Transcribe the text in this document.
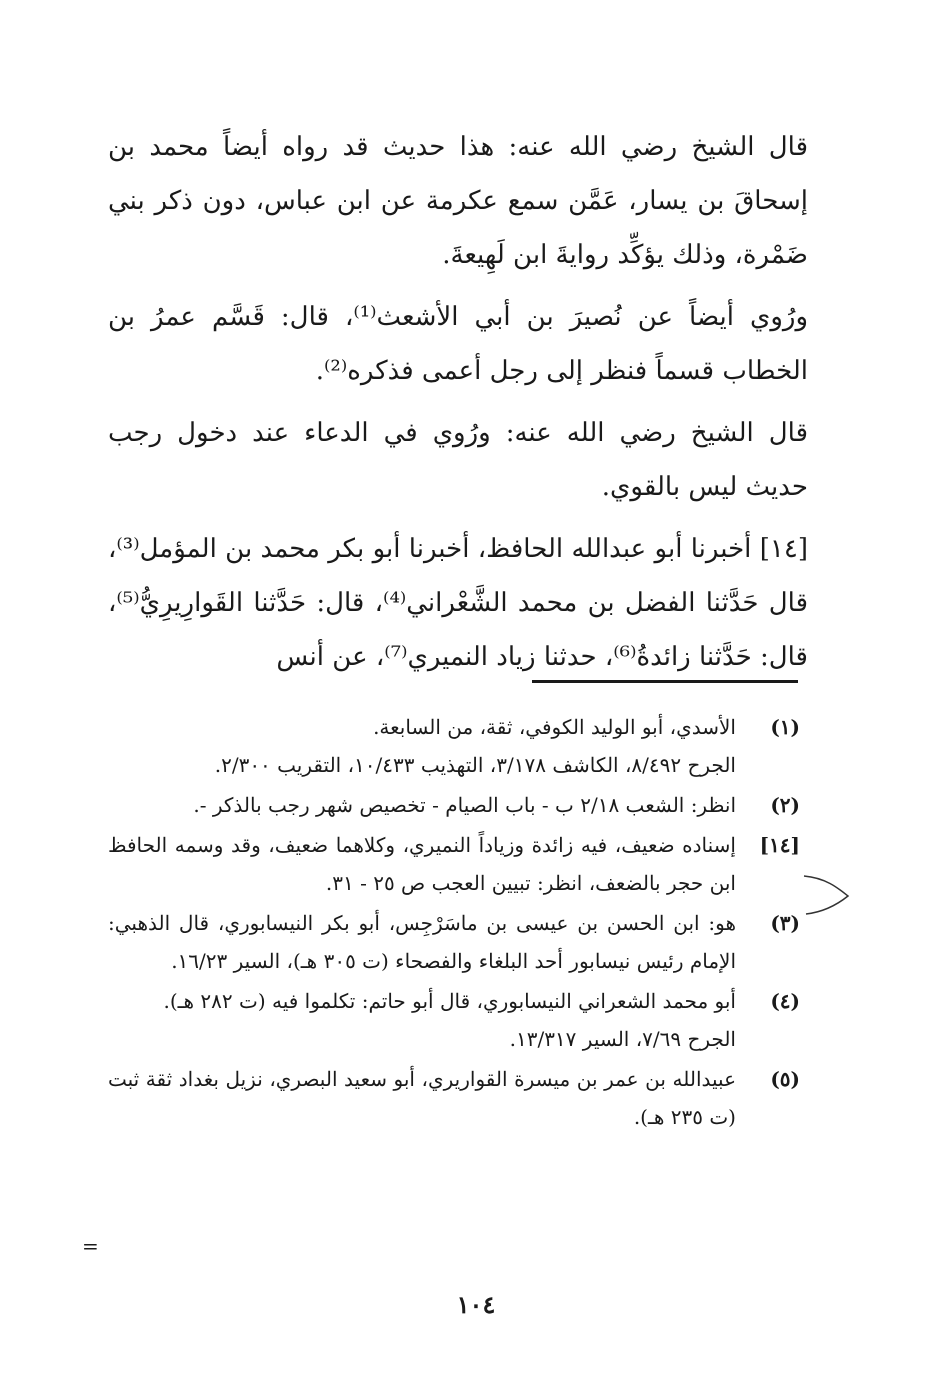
قال الشيخ رضي الله عنه: هذا حديث قد رواه أيضاً محمد بن إسحاقَ بن يسار، عَمَّن سمع عكرمة عن ابن عباس، دون ذكر بني ضَمْرة، وذلك يؤكِّد روايةَ ابن لَهِيعةَ.

ورُوي أيضاً عن نُصيرَ بن أبي الأشعث⁽¹⁾، قال: قَسَّم عمرُ بن الخطاب قسماً فنظر إلى رجل أعمى فذكره⁽²⁾.

قال الشيخ رضي الله عنه: ورُوي في الدعاء عند دخول رجب حديث ليس بالقوي.

[١٤] أخبرنا أبو عبدالله الحافظ، أخبرنا أبو بكر محمد بن المؤمل⁽³⁾، قال حَدَّثنا الفضل بن محمد الشَّعْراني⁽⁴⁾، قال: حَدَّثنا القَوارِيرِيُّ⁽⁵⁾، قال: حَدَّثنا زائدةُ⁽⁶⁾، حدثنا زياد النميري⁽⁷⁾، عن أنس

(١)

الأسدي، أبو الوليد الكوفي، ثقة، من السابعة.

الجرح ٨/٤٩٢، الكاشف ٣/١٧٨، التهذيب ١٠/٤٣٣، التقريب ٢/٣٠٠.

(٢)

انظر: الشعب ٢/١٨ ب - باب الصيام - تخصيص شهر رجب بالذكر -.

[١٤]

إسناده ضعيف، فيه زائدة وزياداً النميري، وكلاهما ضعيف، وقد وسمه الحافظ ابن حجر بالضعف، انظر: تبيين العجب ص ٢٥ - ٣١.

(٣)

هو: ابن الحسن بن عيسى بن ماسَرْجِس، أبو بكر النيسابوري، قال الذهبي: الإمام رئيس نيسابور أحد البلغاء والفصحاء (ت ٣٠٥ هـ)، السير ١٦/٢٣.

(٤)

أبو محمد الشعراني النيسابوري، قال أبو حاتم: تكلموا فيه (ت ٢٨٢ هـ).

الجرح ٧/٦٩، السير ١٣/٣١٧.

(٥)

عبيدالله بن عمر بن ميسرة القواريري، أبو سعيد البصري، نزيل بغداد ثقة ثبت (ت ٢٣٥ هـ).

=
١٠٤
